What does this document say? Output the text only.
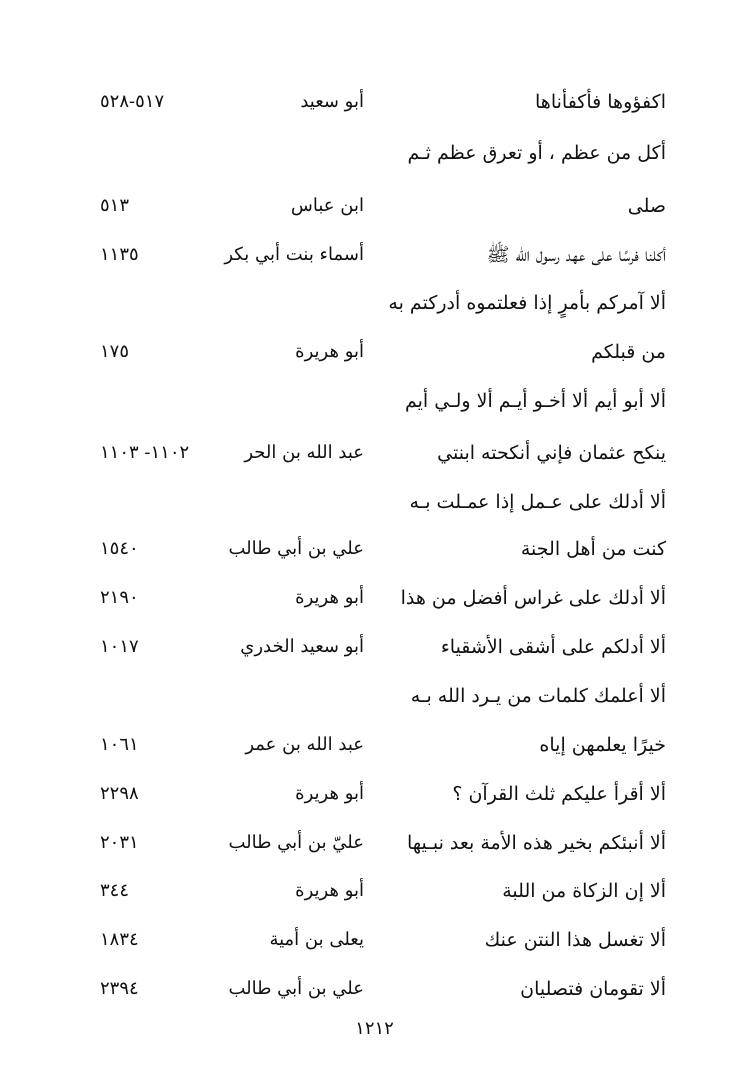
اكفؤوها فأكفأناها
أبو سعيد
٥١٧-٥٢٨
أكل من عظم ، أو تعرق عظم ثـم
صلى
ابن عباس
٥١٣
أكلنا فرسًا على عهد رسول الله ﷺ
أسماء بنت أبي بكر
١١٣٥
ألا آمركم بأمرٍ إذا فعلتموه أدركتم به
من قبلكم
أبو هريرة
١٧٥
ألا أبو أيم ألا أخـو أيـم ألا ولـي أيم
ينكح عثمان فإني أنكحته ابنتي
عبد الله بن الحر
١١٠٢- ١١٠٣
ألا أدلك على عـمل إذا عمـلت بـه
كنت من أهل الجنة
علي بن أبي طالب
١٥٤٠
ألا أدلك على غراس أفضل من هذا
أبو هريرة
٢١٩٠
ألا أدلكم على أشقى الأشقياء
أبو سعيد الخدري
١٠١٧
ألا أعلمك كلمات من يـرد الله بـه
خيرًا يعلمهن إياه
عبد الله بن عمر
١٠٦١
ألا أقرأ عليكم ثلث القرآن ؟
أبو هريرة
٢٢٩٨
ألا أنبئكم بخير هذه الأمة بعد نبـيها
عليّ بن أبي طالب
٢٠٣١
ألا إن الزكاة من اللبة
أبو هريرة
٣٤٤
ألا تغسل هذا النتن عنك
يعلى بن أمية
١٨٣٤
ألا تقومان فتصليان
علي بن أبي طالب
٢٣٩٤
١٢١٢
